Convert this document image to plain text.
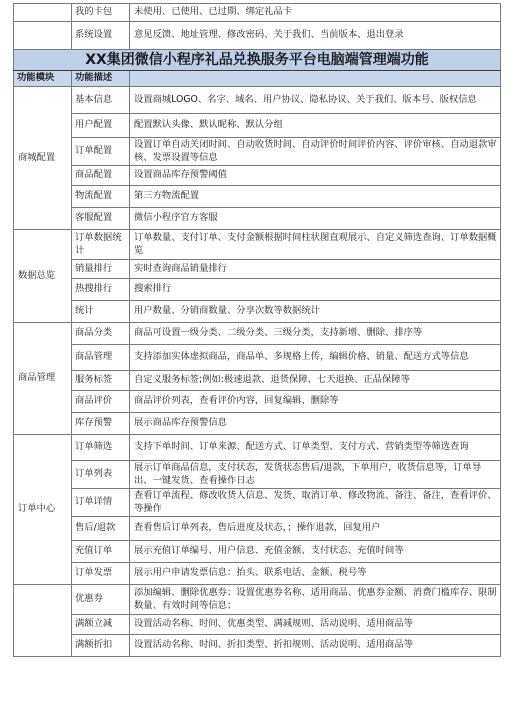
	我的卡包	未使用、已使用、已过期、绑定礼品卡
	系统设置	意见反馈、地址管理、修改密码、关于我们、当前版本、退出登录
XX集团微信小程序礼品兑换服务平台电脑端管理端功能		
功能模块	功能描述	
商城配置	基本信息	设置商城LOGO、名字、域名、用户协议、隐私协议、关于我们、版本号、版权信息
	用户配置	配置默认头像、默认昵称、默认分组
	订单配置	设置订单自动关闭时间、自动收货时间、自动评价时间评价内容、评价审核、自动退款审核、发票设置等信息
	商品配置	设置商品库存预警阈值
	物流配置	第三方物流配置
	客服配置	微信小程序官方客服
数据总览	订单数据统计	订单数量、支付订单、支付金额根据时间柱状图直观展示、自定义筛选查询、订单数据概览
	销量排行	实时查询商品销量排行
	热搜排行	搜索排行
	统计	用户数量、分销商数量、分享次数等数据统计
商品管理	商品分类	商品可设置一级分类、二级分类、三级分类，支持新增、删除、排序等
	商品管理	支持添加实体虚拟商品，商品单、多规格上传，编辑价格、销量、配送方式等信息
	服务标签	自定义服务标签;例如:极速退款、退货保障、七天退换、正品保障等
	商品评价	商品评价列表，查看评价内容，回复编辑、删除等
	库存预警	展示商品库存预警信息
订单中心	订单筛选	支持下单时间、订单来源、配送方式、订单类型、支付方式、营销类型等筛选查询
	订单列表	展示订单商品信息，支付状态，发货状态售后/退款，下单用户，收货信息等，订单导出、一键发货、查看操作日志
	订单详情	查看订单流程、修改收货人信息、发货、取消订单、修改物流、备注、备注，查看评价、等操作
	售后/退款	查看售后订单列表，售后进度及状态，；操作退款，回复用户
	充值订单	展示充值订单编号、用户信息、充值金额、支付状态、充值时间等
	订单发票	展示用户申请发票信息：抬头、联系电话、金额、税号等
	优惠券	添加编辑、删除优惠券；设置优惠券名称、适用商品、优惠券金额、消费门槛库存、限制数量、有效时间等信息；
	满额立减	设置活动名称、时间、优惠类型、满减规则、活动说明、适用商品等
	满额折扣	设置活动名称、时间、折扣类型、折扣规则、活动说明、适用商品等
